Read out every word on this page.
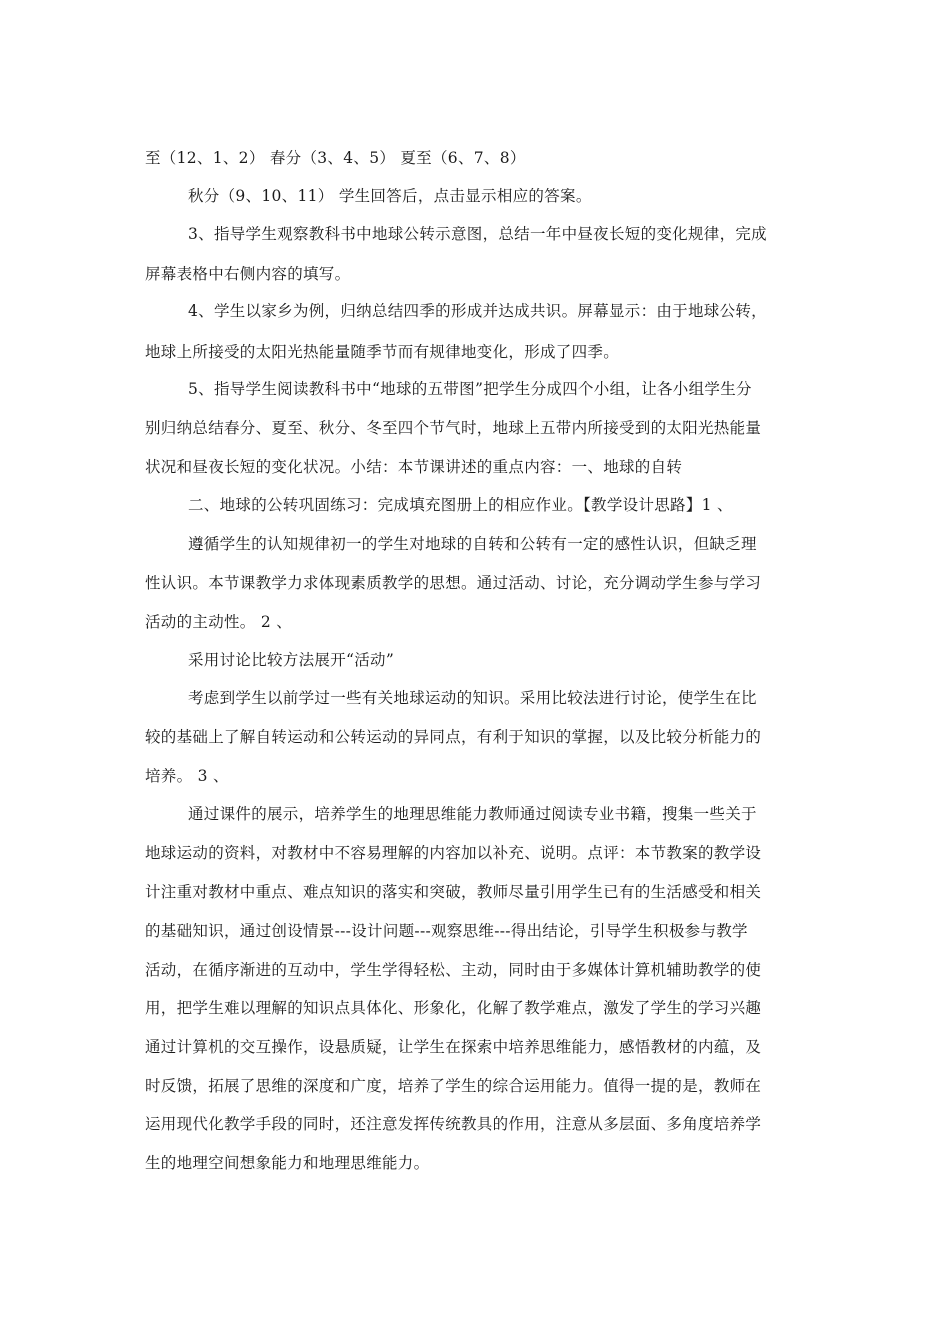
至（12、1、2） 春分（3、4、5） 夏至（6、7、8）
秋分（9、10、11） 学生回答后，点击显示相应的答案。
3、指导学生观察教科书中地球公转示意图，总结一年中昼夜长短的变化规律，完成
屏幕表格中右侧内容的填写。
4、学生以家乡为例，归纳总结四季的形成并达成共识。屏幕显示：由于地球公转，
地球上所接受的太阳光热能量随季节而有规律地变化，形成了四季。
5、指导学生阅读教科书中“地球的五带图”把学生分成四个小组，让各小组学生分
别归纳总结春分、夏至、秋分、冬至四个节气时，地球上五带内所接受到的太阳光热能量
状况和昼夜长短的变化状况。小结：本节课讲述的重点内容：一、地球的自转
二、地球的公转巩固练习：完成填充图册上的相应作业。【教学设计思路】1 、
遵循学生的认知规律初一的学生对地球的自转和公转有一定的感性认识，但缺乏理
性认识。本节课教学力求体现素质教学的思想。通过活动、讨论，充分调动学生参与学习
活动的主动性。 2 、
采用讨论比较方法展开“活动”
考虑到学生以前学过一些有关地球运动的知识。采用比较法进行讨论，使学生在比
较的基础上了解自转运动和公转运动的异同点，有利于知识的掌握，以及比较分析能力的
培养。 3 、
通过课件的展示，培养学生的地理思维能力教师通过阅读专业书籍，搜集一些关于
地球运动的资料，对教材中不容易理解的内容加以补充、说明。点评：本节教案的教学设
计注重对教材中重点、难点知识的落实和突破，教师尽量引用学生已有的生活感受和相关
的基础知识，通过创设情景---设计问题---观察思维---得出结论，引导学生积极参与教学
活动，在循序渐进的互动中，学生学得轻松、主动，同时由于多媒体计算机辅助教学的使
用，把学生难以理解的知识点具体化、形象化，化解了教学难点，激发了学生的学习兴趣
通过计算机的交互操作，设悬质疑，让学生在探索中培养思维能力，感悟教材的内蕴，及
时反馈，拓展了思维的深度和广度，培养了学生的综合运用能力。值得一提的是，教师在
运用现代化教学手段的同时，还注意发挥传统教具的作用，注意从多层面、多角度培养学
生的地理空间想象能力和地理思维能力。
